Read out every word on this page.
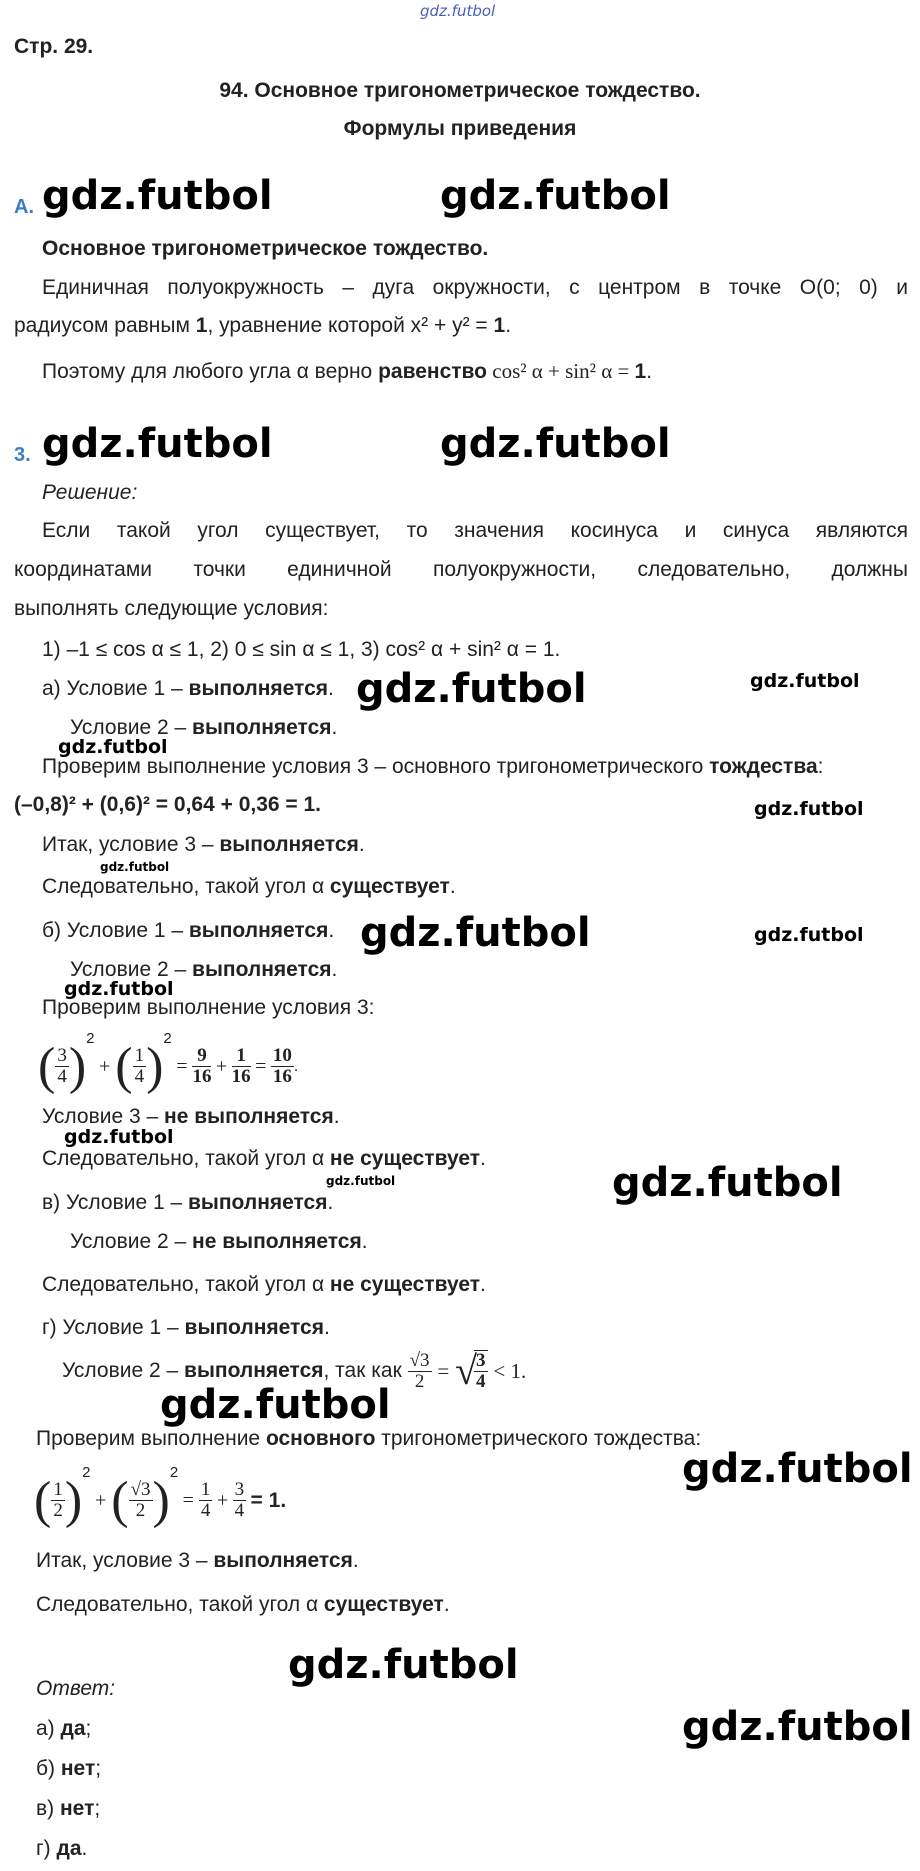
gdz.futbol
Стр. 29.
94. Основное тригонометрическое тождество.
Формулы приведения
А. gdz.futbol	gdz.futbol
Основное тригонометрическое тождество.
Единичная полуокружность – дуга окружности, с центром в точке O(0; 0) и
радиусом равным 1, уравнение которой x² + y² = 1.
Поэтому для любого угла α верно равенство cos² α + sin² α = 1.
3. gdz.futbol	gdz.futbol
Решение:
Если такой угол существует, то значения косинуса и синуса являются
координатами точки единичной полуокружности, следовательно, должны
выполнять следующие условия:
1) –1 ≤ cos α ≤ 1, 2) 0 ≤ sin α ≤ 1, 3) cos² α + sin² α = 1.
а) Условие 1 – выполняется. gdz.futbol	gdz.futbol
Условие 2 – выполняется.
gdz.futbol
Проверим выполнение условия 3 – основного тригонометрического тождества:
(–0,8)² + (0,6)² = 0,64 + 0,36 = 1.	gdz.futbol
Итак, условие 3 – выполняется.
gdz.futbol
Следовательно, такой угол α существует.
б) Условие 1 – выполняется. gdz.futbol	gdz.futbol
Условие 2 – выполняется.
gdz.futbol
Проверим выполнение условия 3:
( $\frac{3}{4} )^2$ + ( $\frac{1}{4} )^2 = \frac{9}{16} + \frac{1}{16} = \frac{10}{16}$ .
Условие 3 – не выполняется.
gdz.futbol
Следовательно, такой угол α не существует.
gdz.futbol	gdz.futbol
в) Условие 1 – выполняется.
Условие 2 – не выполняется.
Следовательно, такой угол α не существует.
г) Условие 1 – выполняется.
Условие 2 – выполняется, так как $\frac{√3}{2}$ = √
$\frac{3}{4} < 1$.
gdz.futbol
Проверим выполнение основного тригонометрического тождества:
gdz.futbol
( $\frac{1}{2} )^2$ + ( $\frac{√3}{2} )^2 = \frac{1}{4} + \frac{3}{4} = 1$.
Итак, условие 3 – выполняется.
Следовательно, такой угол α существует.
gdz.futbol
Ответ:
gdz.futbol
а) да;
б) нет;
в) нет;
г) да.
